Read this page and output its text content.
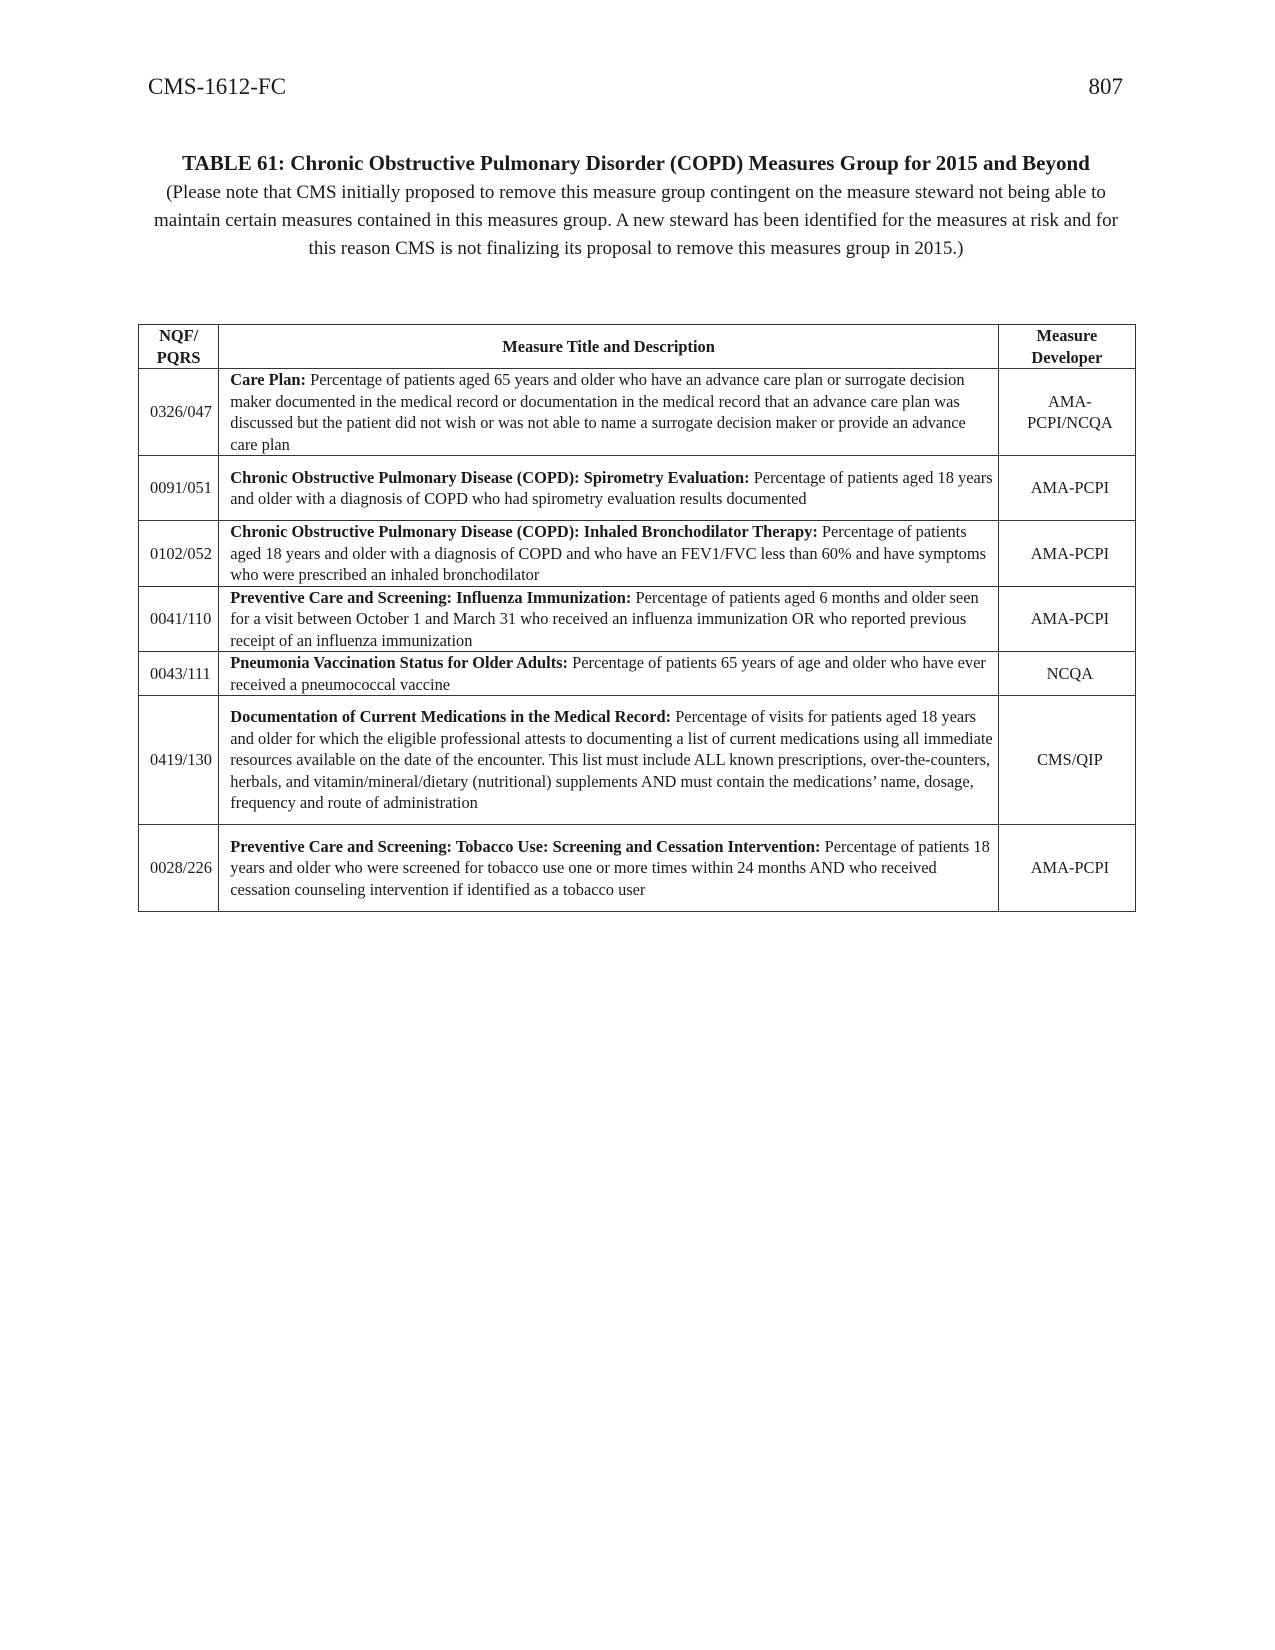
CMS-1612-FC	807

TABLE 61: Chronic Obstructive Pulmonary Disorder (COPD) Measures Group for 2015 and Beyond

(Please note that CMS initially proposed to remove this measure group contingent on the measure steward not being able to maintain certain measures contained in this measures group. A new steward has been identified for the measures at risk and for this reason CMS is not finalizing its proposal to remove this measures group in 2015.)

NQF/ PQRS	Measure Title and Description	Measure Developer
0326/047	Care Plan: Percentage of patients aged 65 years and older who have an advance care plan or surrogate decision maker documented in the medical record or documentation in the medical record that an advance care plan was discussed but the patient did not wish or was not able to name a surrogate decision maker or provide an advance care plan	AMA-PCPI/NCQA
0091/051	Chronic Obstructive Pulmonary Disease (COPD): Spirometry Evaluation: Percentage of patients aged 18 years and older with a diagnosis of COPD who had spirometry evaluation results documented	AMA-PCPI
0102/052	Chronic Obstructive Pulmonary Disease (COPD): Inhaled Bronchodilator Therapy: Percentage of patients aged 18 years and older with a diagnosis of COPD and who have an FEV1/FVC less than 60% and have symptoms who were prescribed an inhaled bronchodilator	AMA-PCPI
0041/110	Preventive Care and Screening: Influenza Immunization: Percentage of patients aged 6 months and older seen for a visit between October 1 and March 31 who received an influenza immunization OR who reported previous receipt of an influenza immunization	AMA-PCPI
0043/111	Pneumonia Vaccination Status for Older Adults: Percentage of patients 65 years of age and older who have ever received a pneumococcal vaccine	NCQA
0419/130	Documentation of Current Medications in the Medical Record: Percentage of visits for patients aged 18 years and older for which the eligible professional attests to documenting a list of current medications using all immediate resources available on the date of the encounter. This list must include ALL known prescriptions, over-the-counters, herbals, and vitamin/mineral/dietary (nutritional) supplements AND must contain the medications’ name, dosage, frequency and route of administration	CMS/QIP
0028/226	Preventive Care and Screening: Tobacco Use: Screening and Cessation Intervention: Percentage of patients 18 years and older who were screened for tobacco use one or more times within 24 months AND who received cessation counseling intervention if identified as a tobacco user	AMA-PCPI
